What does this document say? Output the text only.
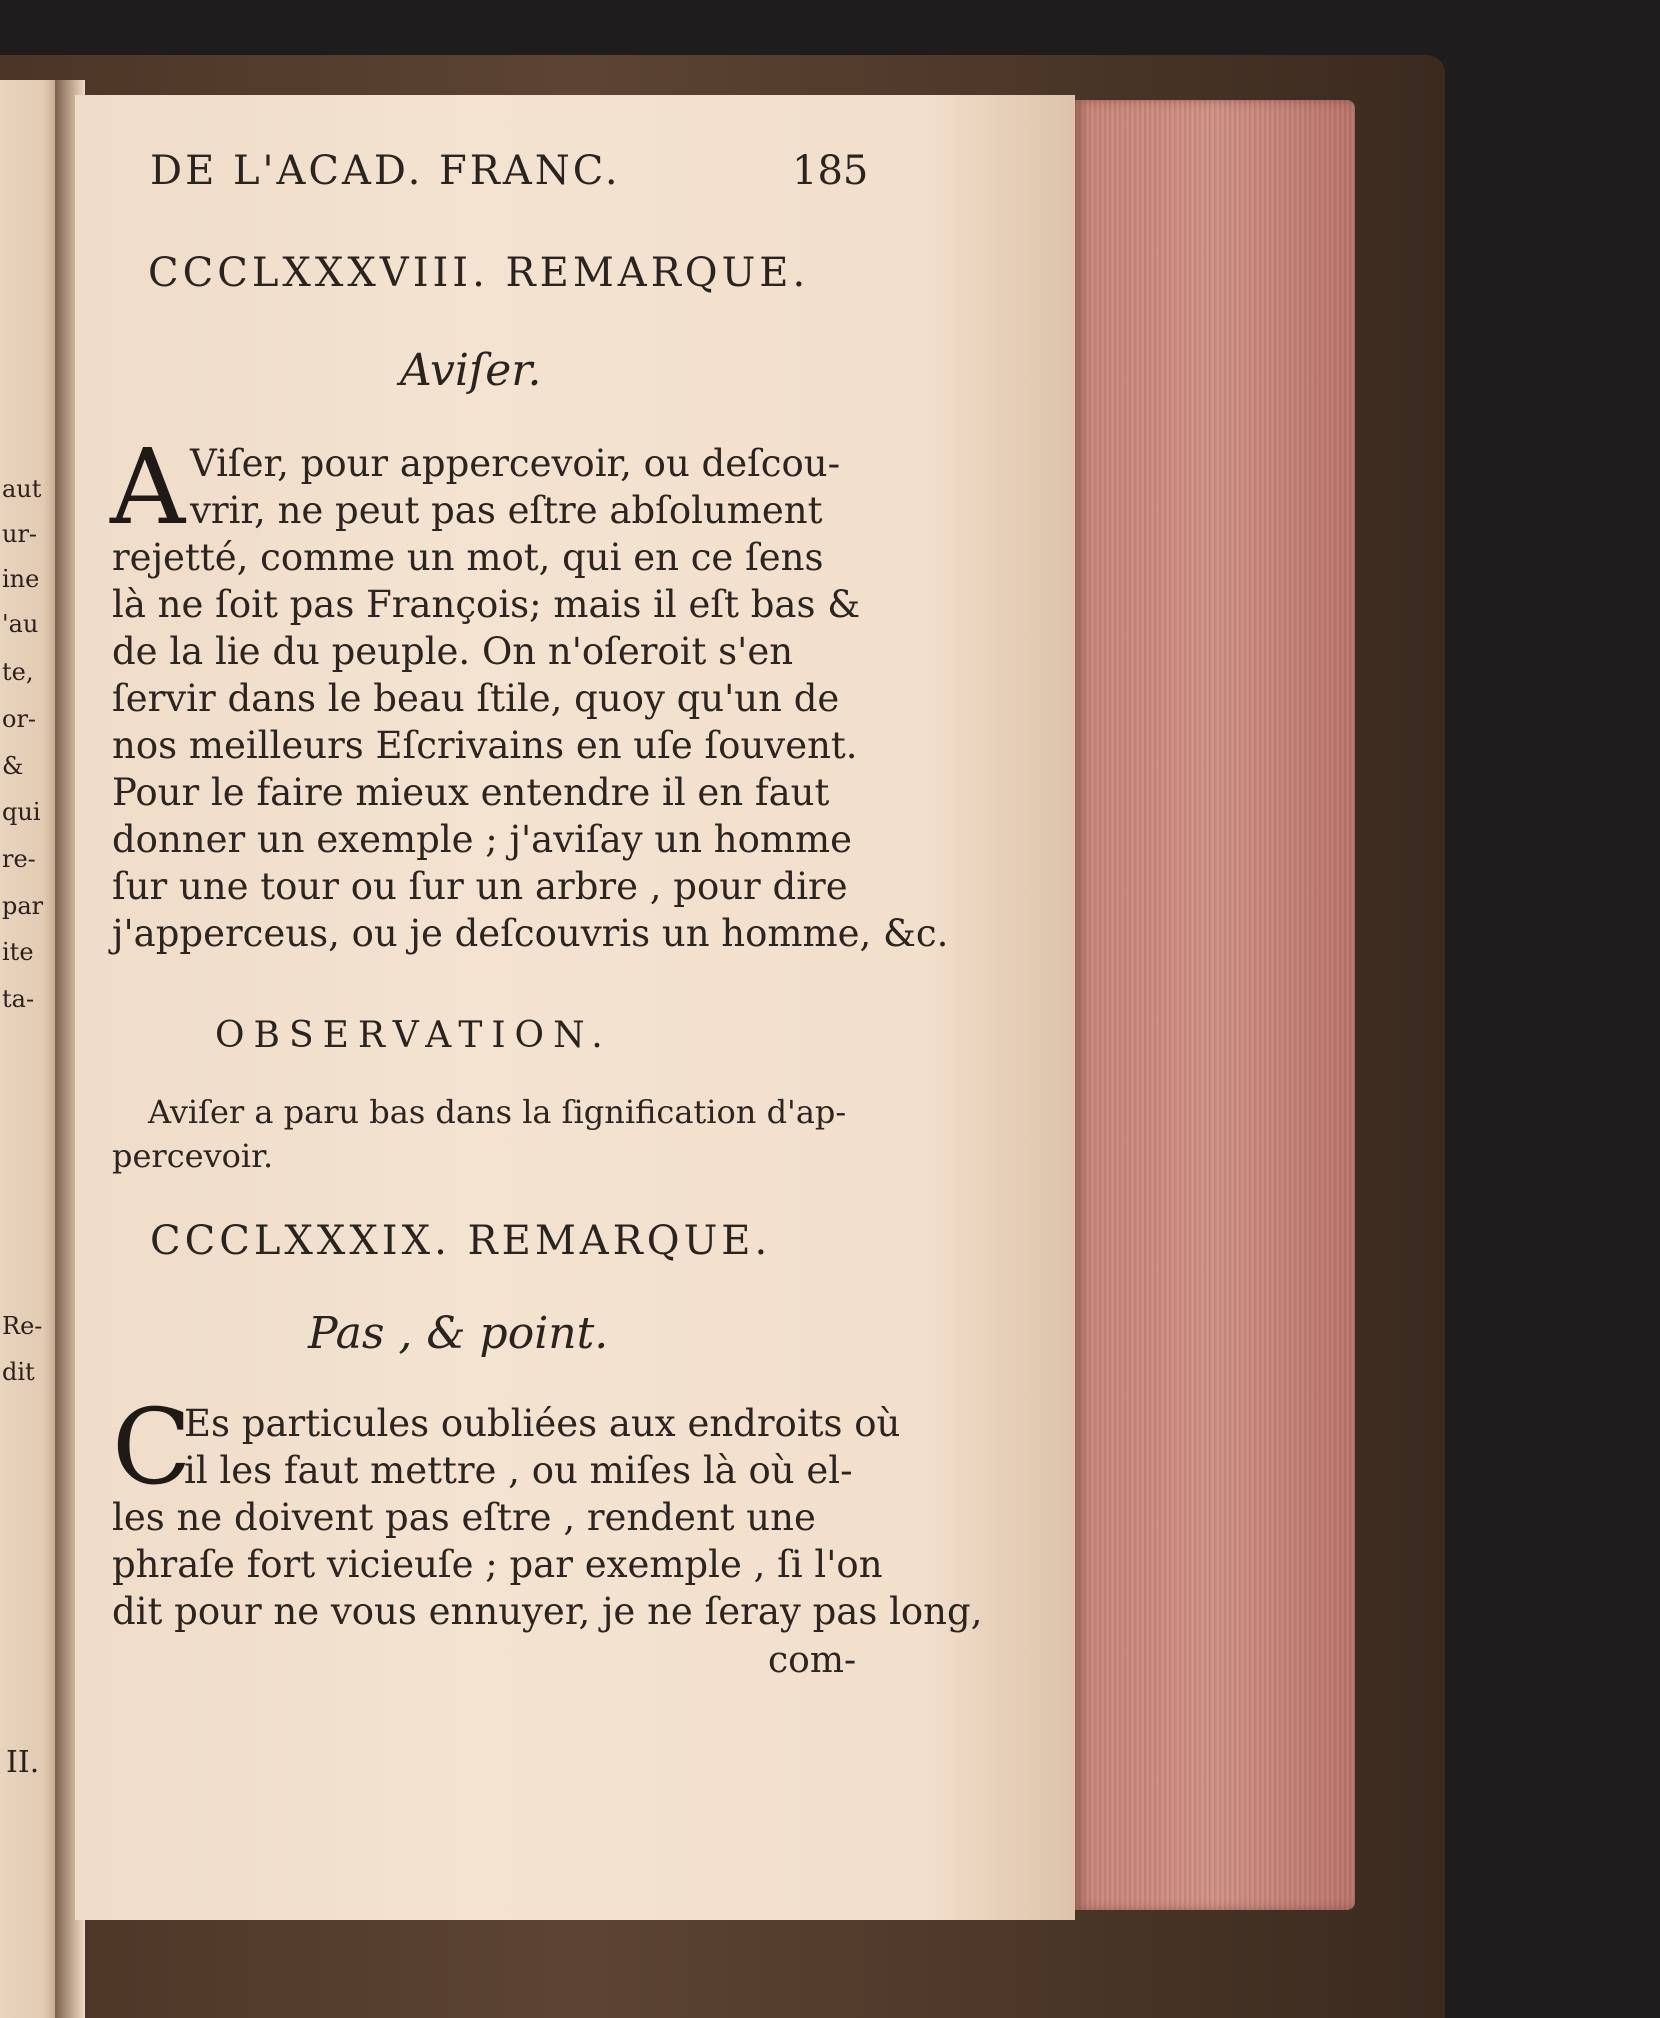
aut
ur-
ine
'au
te,
or-
&
qui
re-
par
ite
ta-
Re-
dit
II.
DE L'ACAD. FRANC.	185
CCCLXXXVIII. REMARQUE.
Aviſer.
A Viſer, pour appercevoir, ou deſcou-
vrir, ne peut pas eſtre abſolument
rejetté, comme un mot, qui en ce ſens
là ne ſoit pas François; mais il eſt bas &
de la lie du peuple. On n'oſeroit s'en
ſervir dans le beau ſtile, quoy qu'un de
nos meilleurs Eſcrivains en uſe ſouvent.
Pour le faire mieux entendre il en faut
donner un exemple ; j'aviſay un homme
ſur une tour ou ſur un arbre , pour dire
j'apperceus, ou je deſcouvris un homme, &c.
OBSERVATION.
Aviſer a paru bas dans la ſignification d'ap-
percevoir.
CCCLXXXIX. REMARQUE.
Pas , & point.
C
Es particules oubliées aux endroits où
il les faut mettre , ou miſes là où el-
les ne doivent pas eſtre , rendent une
phraſe fort vicieuſe ; par exemple , ſi l'on
dit pour ne vous ennuyer, je ne ſeray pas long,
com-
